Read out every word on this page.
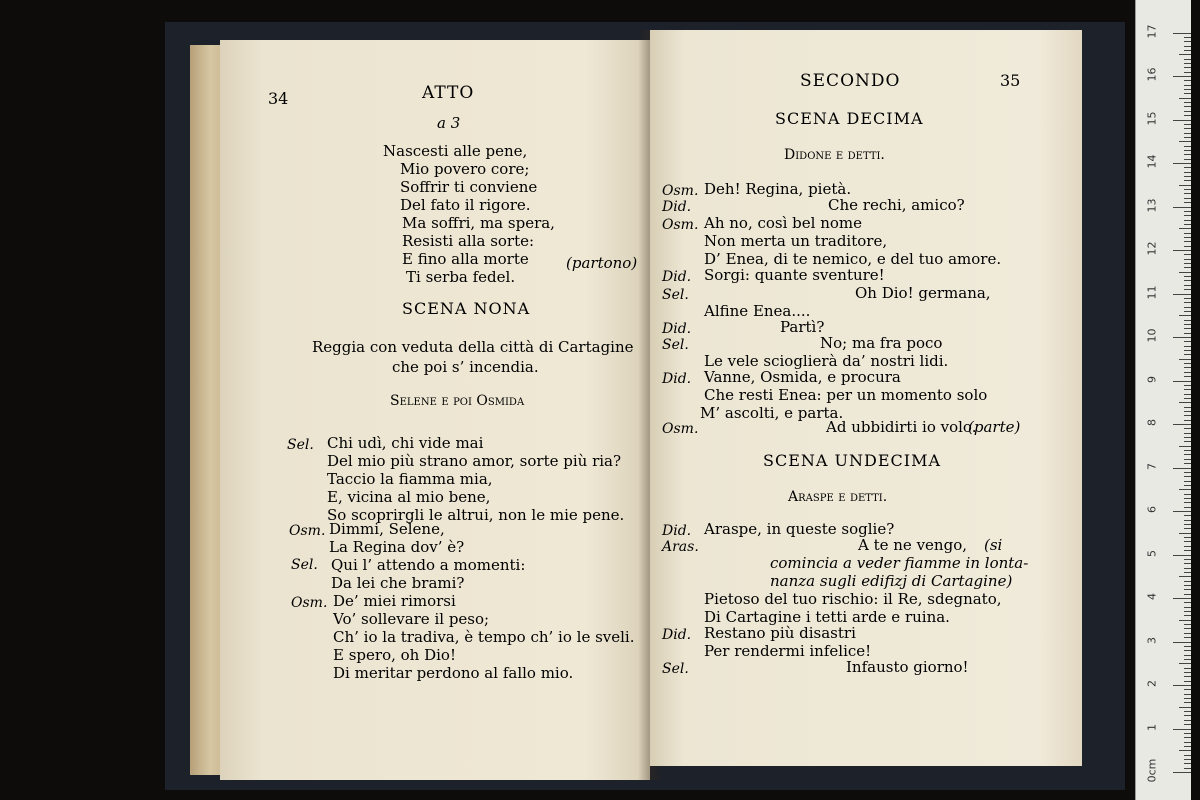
34	ATTO
a 3
Nascesti alle pene,
Mio povero core;
Soffrir ti conviene
Del fato il rigore.
Ma soffri, ma spera,
Resisti alla sorte:
E fino alla morte
Ti serba fedel.
(partono)
SCENA NONA
Reggia con veduta della città di Cartagine
che poi s’ incendia.
Selene e poi Osmida
Sel. Chi udì, chi vide mai
Del mio più strano amor, sorte più ria?
Taccio la fiamma mia,
E, vicina al mio bene,
So scoprirgli le altrui, non le mie pene.
Osm. Dimmi, Selene,
La Regina dov’ è?
Sel. Qui l’ attendo a momenti:
Da lei che brami?
Osm. De’ miei rimorsi
Vo’ sollevare il peso;
Ch’ io la tradiva, è tempo ch’ io le sveli.
E spero, oh Dio!
Di meritar perdono al fallo mio.
SECONDO	35
SCENA DECIMA
Didone e detti.
Osm. Deh! Regina, pietà.
Did.	Che rechi, amico?
Osm. Ah no, così bel nome
Non merta un traditore,
D’ Enea, di te nemico, e del tuo amore.
Did. Sorgi: quante sventure!
Sel.	Oh Dio! germana,
Alfine Enea....
Did.	Partì?
Sel.	No; ma fra poco
Le vele scioglierà da’ nostri lidi.
Did. Vanne, Osmida, e procura
Che resti Enea: per un momento solo
M’ ascolti, e parta.
Osm.	Ad ubbidirti io volo.
(parte)
SCENA UNDECIMA
Araspe e detti.
Did. Araspe, in queste soglie?
Aras.	A te ne vengo, (si
comincia a veder fiamme in lonta-
nanza sugli edifizj di Cartagine)
Pietoso del tuo rischio: il Re, sdegnato,
Di Cartagine i tetti arde e ruina.
Did. Restano più disastri
Per rendermi infelice!
Sel.	Infausto giorno!
0cm
1
2
3
4
5
6
7
8
9
10
11
12
13
14
15
16
17
